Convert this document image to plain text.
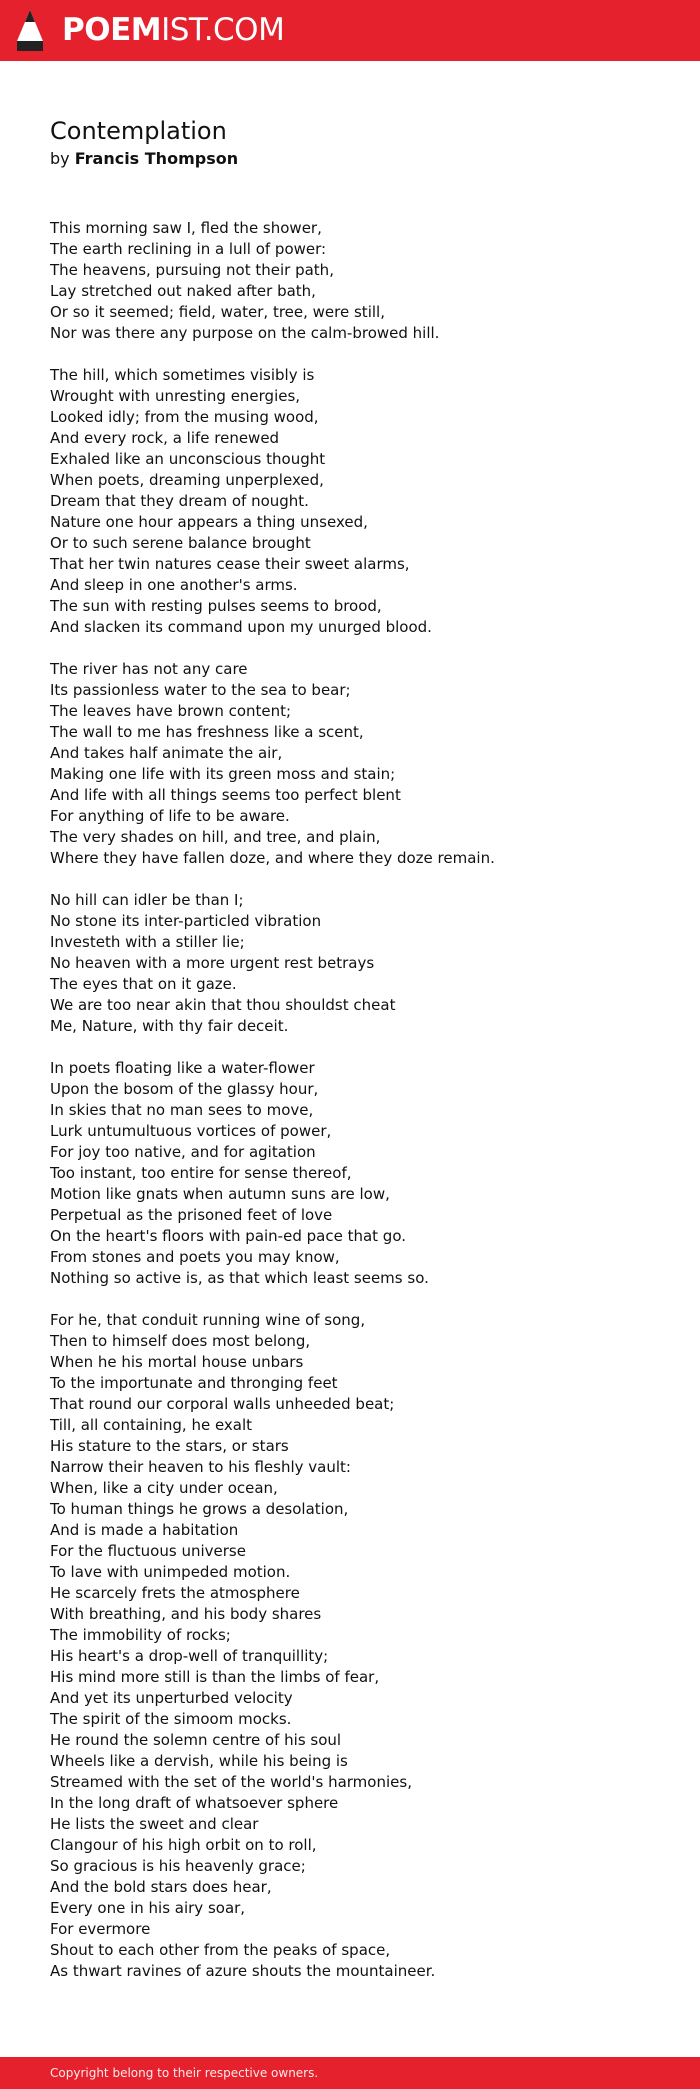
POEMIST.COM
Contemplation
by Francis Thompson
This morning saw I, fled the shower,
The earth reclining in a lull of power:
The heavens, pursuing not their path,
Lay stretched out naked after bath,
Or so it seemed; field, water, tree, were still,
Nor was there any purpose on the calm-browed hill.
The hill, which sometimes visibly is
Wrought with unresting energies,
Looked idly; from the musing wood,
And every rock, a life renewed
Exhaled like an unconscious thought
When poets, dreaming unperplexed,
Dream that they dream of nought.
Nature one hour appears a thing unsexed,
Or to such serene balance brought
That her twin natures cease their sweet alarms,
And sleep in one another's arms.
The sun with resting pulses seems to brood,
And slacken its command upon my unurged blood.
The river has not any care
Its passionless water to the sea to bear;
The leaves have brown content;
The wall to me has freshness like a scent,
And takes half animate the air,
Making one life with its green moss and stain;
And life with all things seems too perfect blent
For anything of life to be aware.
The very shades on hill, and tree, and plain,
Where they have fallen doze, and where they doze remain.
No hill can idler be than I;
No stone its inter-particled vibration
Investeth with a stiller lie;
No heaven with a more urgent rest betrays
The eyes that on it gaze.
We are too near akin that thou shouldst cheat
Me, Nature, with thy fair deceit.
In poets floating like a water-flower
Upon the bosom of the glassy hour,
In skies that no man sees to move,
Lurk untumultuous vortices of power,
For joy too native, and for agitation
Too instant, too entire for sense thereof,
Motion like gnats when autumn suns are low,
Perpetual as the prisoned feet of love
On the heart's floors with pain-ed pace that go.
From stones and poets you may know,
Nothing so active is, as that which least seems so.
For he, that conduit running wine of song,
Then to himself does most belong,
When he his mortal house unbars
To the importunate and thronging feet
That round our corporal walls unheeded beat;
Till, all containing, he exalt
His stature to the stars, or stars
Narrow their heaven to his fleshly vault:
When, like a city under ocean,
To human things he grows a desolation,
And is made a habitation
For the fluctuous universe
To lave with unimpeded motion.
He scarcely frets the atmosphere
With breathing, and his body shares
The immobility of rocks;
His heart's a drop-well of tranquillity;
His mind more still is than the limbs of fear,
And yet its unperturbed velocity
The spirit of the simoom mocks.
He round the solemn centre of his soul
Wheels like a dervish, while his being is
Streamed with the set of the world's harmonies,
In the long draft of whatsoever sphere
He lists the sweet and clear
Clangour of his high orbit on to roll,
So gracious is his heavenly grace;
And the bold stars does hear,
Every one in his airy soar,
For evermore
Shout to each other from the peaks of space,
As thwart ravines of azure shouts the mountaineer.
Copyright belong to their respective owners.
